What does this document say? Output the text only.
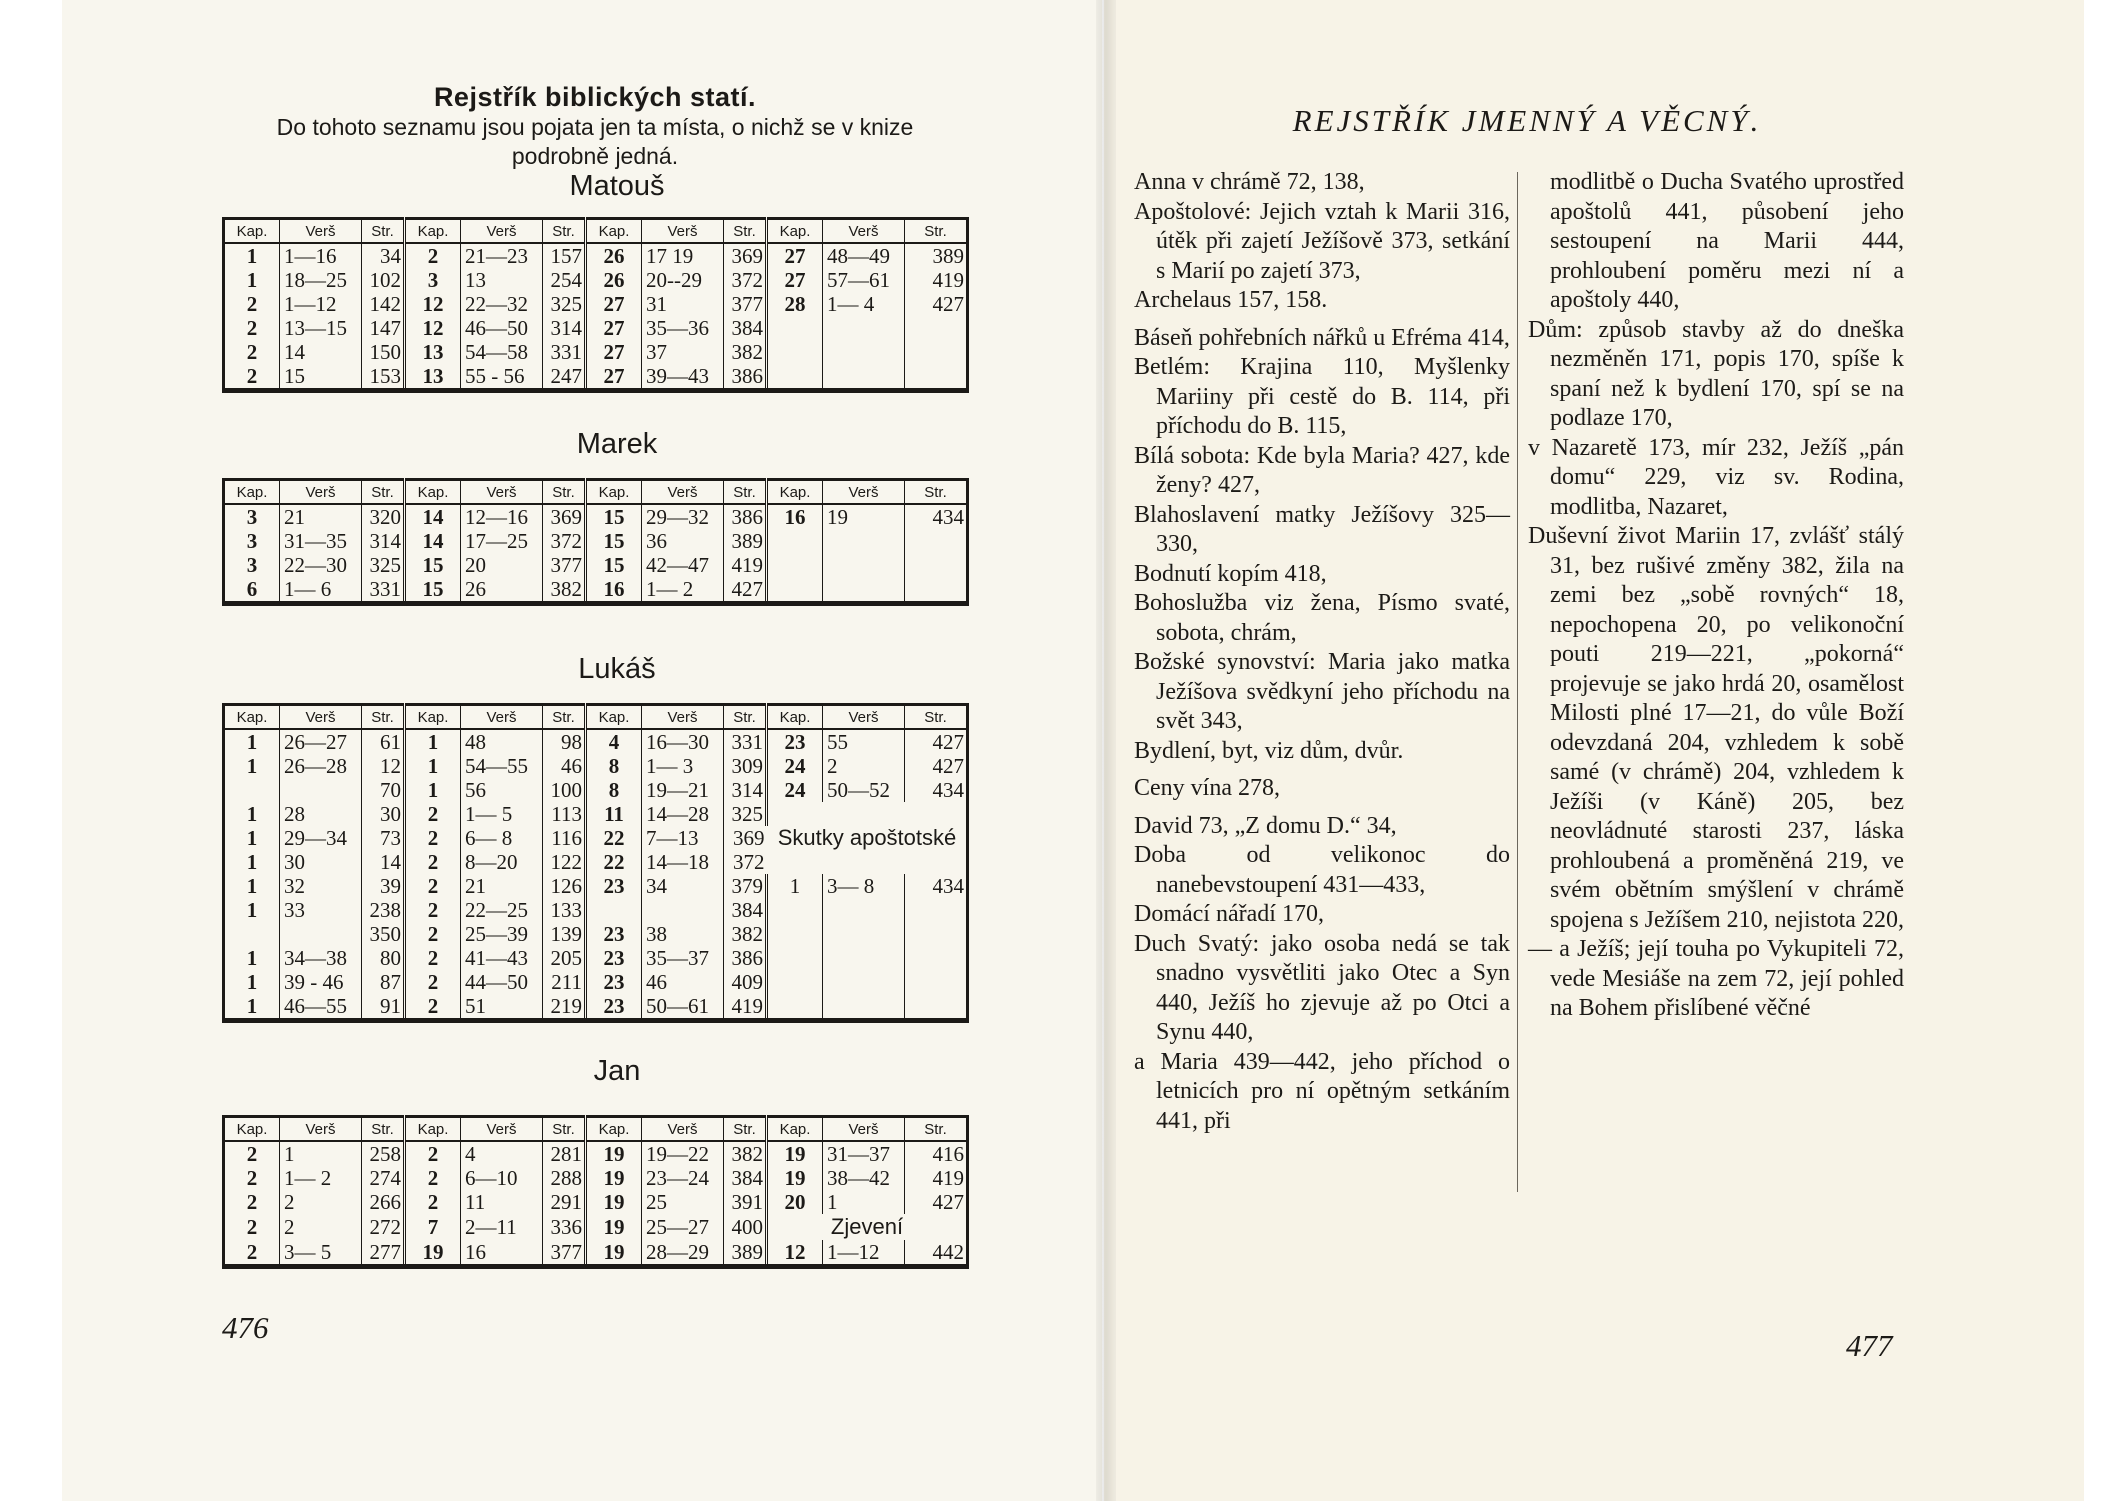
Rejstřík biblických statí.
Do tohoto seznamu jsou pojata jen ta místa, o nichž se v knize
podrobně jedná.
Matouš
Kap.	Verš	Str.	Kap.	Verš	Str.	Kap.	Verš	Str.	Kap.	Verš	Str.
1	1—16	34	2	21—23	157	26	17 19	369	27	48—49	389
1	18—25	102	3	13	254	26	20--29	372	27	57—61	419
2	1—12	142	12	22—32	325	27	31	377	28	1— 4	427
2	13—15	147	12	46—50	314	27	35—36	384			
2	14	150	13	54—58	331	27	37	382			
2	15	153	13	55 - 56	247	27	39—43	386			
Marek
Kap.	Verš	Str.	Kap.	Verš	Str.	Kap.	Verš	Str.	Kap.	Verš	Str.
3	21	320	14	12—16	369	15	29—32	386	16	19	434
3	31—35	314	14	17—25	372	15	36	389			
3	22—30	325	15	20	377	15	42—47	419			
6	1— 6	331	15	26	382	16	1— 2	427			
Lukáš
Kap.	Verš	Str.	Kap.	Verš	Str.	Kap.	Verš	Str.	Kap.	Verš	Str.
1	26—27	61	1	48	98	4	16—30	331	23	55	427
1	26—28	12	1	54—55	46	8	1— 3	309	24	2	427
		70	1	56	100	8	19—21	314	24	50—52	434
1	28	30	2	1— 5	113	11	14—28	325	Skutky apoštotské		
1	29—34	73	2	6— 8	116	22	7—13	369			
1	30	14	2	8—20	122	22	14—18	372			
1	32	39	2	21	126	23	34	379	1	3— 8	434
1	33	238	2	22—25	133			384			
		350	2	25—39	139	23	38	382			
1	34—38	80	2	41—43	205	23	35—37	386			
1	39 - 46	87	2	44—50	211	23	46	409			
1	46—55	91	2	51	219	23	50—61	419			
Jan
Kap.	Verš	Str.	Kap.	Verš	Str.	Kap.	Verš	Str.	Kap.	Verš	Str.
2	1	258	2	4	281	19	19—22	382	19	31—37	416
2	1— 2	274	2	6—10	288	19	23—24	384	19	38—42	419
2	2	266	2	11	291	19	25	391	20	1	427
2	2	272	7	2—11	336	19	25—27	400	Zjevení		
2	3— 5	277	19	16	377	19	28—29	389	12	1—12	442
476
REJSTŘÍK JMENNÝ A VĚCNÝ.

Anna v chrámě 72, 138,

Apoštolové: Jejich vztah k Marii 316, útěk při zajetí Ježíšově 373, setkání s Marií po zajetí 373,

Archelaus 157, 158.

Báseň pohřebních nářků u Efréma 414,

Betlém: Krajina 110, Myšlenky Mariiny při cestě do B. 114, při příchodu do B. 115,

Bílá sobota: Kde byla Maria? 427, kde ženy? 427,

Blahoslavení matky Ježíšovy 325—330,

Bodnutí kopím 418,

Bohoslužba viz žena, Písmo svaté, sobota, chrám,

Božské synovství: Maria jako matka Ježíšova svědkyní jeho příchodu na svět 343,

Bydlení, byt, viz dům, dvůr.

Ceny vína 278,

David 73, „Z domu D.“ 34,

Doba od velikonoc do nanebevstoupení 431—433,

Domácí nářadí 170,

Duch Svatý: jako osoba nedá se tak snadno vysvětliti jako Otec a Syn 440, Ježíš ho zjevuje až po Otci a Synu 440,

a Maria 439—442, jeho příchod o letnicích pro ní opětným setkáním 441, při

modlitbě o Ducha Svatého uprostřed apoštolů 441, působení jeho sestoupení na Marii 444, prohloubení poměru mezi ní a apoštoly 440,

Dům: způsob stavby až do dneška nezměněn 171, popis 170, spíše k spaní než k bydlení 170, spí se na podlaze 170,

v Nazaretě 173, mír 232, Ježíš „pán domu“ 229, viz sv. Rodina, modlitba, Nazaret,

Duševní život Mariin 17, zvlášť stálý 31, bez rušivé změny 382, žila na zemi bez „sobě rovných“ 18, nepochopena 20, po velikonoční pouti 219—221, „pokorná“ projevuje se jako hrdá 20, osamělost Milosti plné 17—21, do vůle Boží odevzdaná 204, vzhledem k sobě samé (v chrámě) 204, vzhledem k Ježíši (v Káně) 205, bez neovládnuté starosti 237, láska prohloubená a proměněná 219, ve svém obětním smýšlení v chrámě spojena s Ježíšem 210, nejistota 220,

— a Ježíš; její touha po Vykupiteli 72, vede Mesiáše na zem 72, její pohled na Bohem přislíbené věčné

477
